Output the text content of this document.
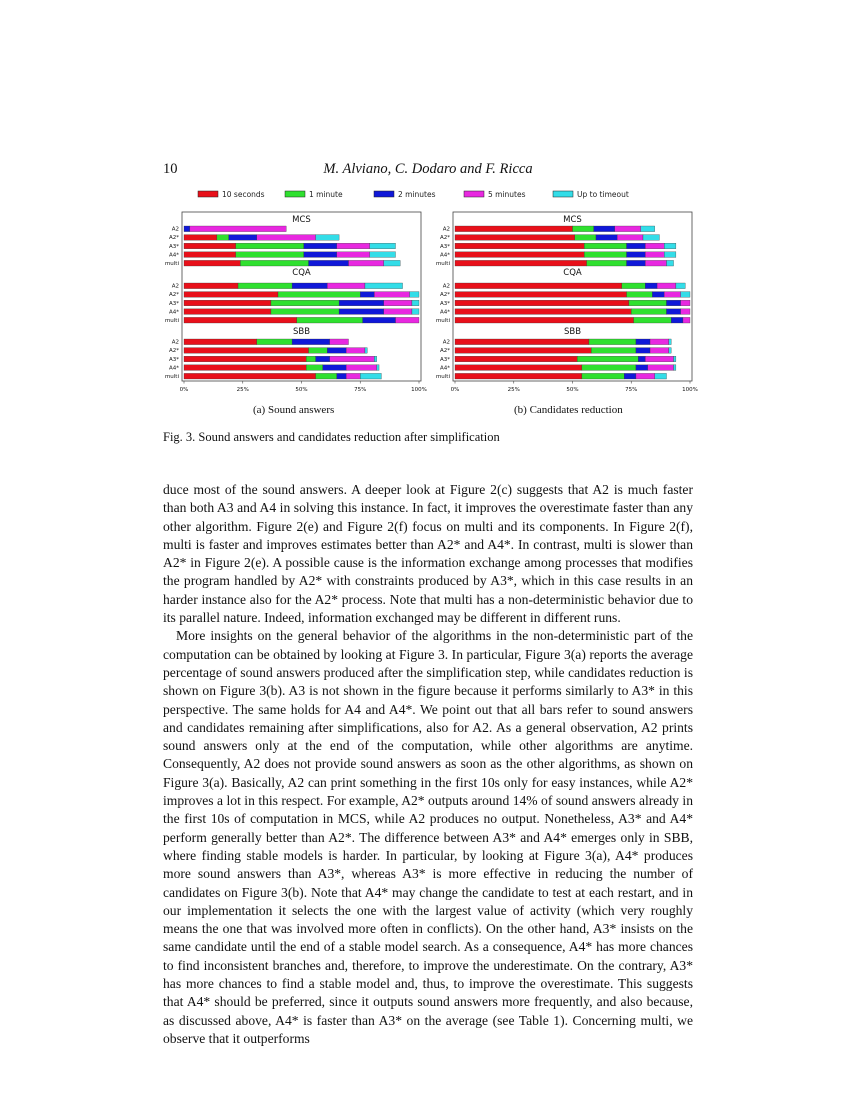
10	M. Alviano, C. Dodaro and F. Ricca
10 seconds	1 minute	2 minutes	5 minutes	Up to timeout
MCS
A2
A2*
A3*
A4*
multi
CQA
A2
A2*
A3*
A4*
multi
SBB
A2
A2*
A3*
A4*
multi
0%	25%	50%	75%	100%
MCS
A2
A2*
A3*
A4*
multi
CQA
A2
A2*
A3*
A4*
multi
SBB
A2
A2*
A3*
A4*
multi
0%	25%	50%	75%	100%
(a) Sound answers	(b) Candidates reduction
Fig. 3. Sound answers and candidates reduction after simplification

duce most of the sound answers. A deeper look at Figure 2(c) suggests that A2 is much faster than both A3 and A4 in solving this instance. In fact, it improves the overestimate faster than any other algorithm. Figure 2(e) and Figure 2(f) focus on multi and its components. In Figure 2(f), multi is faster and improves estimates better than A2* and A4*. In contrast, multi is slower than A2* in Figure 2(e). A possible cause is the information exchange among processes that modifies the program handled by A2* with constraints produced by A3*, which in this case results in an harder instance also for the A2* process. Note that multi has a non-deterministic behavior due to its parallel nature. Indeed, information exchanged may be different in different runs.

More insights on the general behavior of the algorithms in the non-deterministic part of the computation can be obtained by looking at Figure 3. In particular, Figure 3(a) reports the average percentage of sound answers produced after the simplification step, while candidates reduction is shown on Figure 3(b). A3 is not shown in the figure because it performs similarly to A3* in this perspective. The same holds for A4 and A4*. We point out that all bars refer to sound answers and candidates remaining after simplifications, also for A2. As a general observation, A2 prints sound answers only at the end of the computation, while other algorithms are anytime. Consequently, A2 does not provide sound answers as soon as the other algorithms, as shown on Figure 3(a). Basically, A2 can print something in the first 10s only for easy instances, while A2* improves a lot in this respect. For example, A2* outputs around 14% of sound answers already in the first 10s of computation in MCS, while A2 produces no output. Nonetheless, A3* and A4* perform generally better than A2*. The difference between A3* and A4* emerges only in SBB, where finding stable models is harder. In particular, by looking at Figure 3(a), A4* produces more sound answers than A3*, whereas A3* is more effective in reducing the number of candidates on Figure 3(b). Note that A4* may change the candidate to test at each restart, and in our implementation it selects the one with the largest value of activity (which very roughly means the one that was involved more often in conflicts). On the other hand, A3* insists on the same candidate until the end of a stable model search. As a consequence, A4* has more chances to find inconsistent branches and, therefore, to improve the underestimate. On the contrary, A3* has more chances to find a stable model and, thus, to improve the overestimate. This suggests that A4* should be preferred, since it outputs sound answers more frequently, and also because, as discussed above, A4* is faster than A3* on the average (see Table 1). Concerning multi, we observe that it outperforms
